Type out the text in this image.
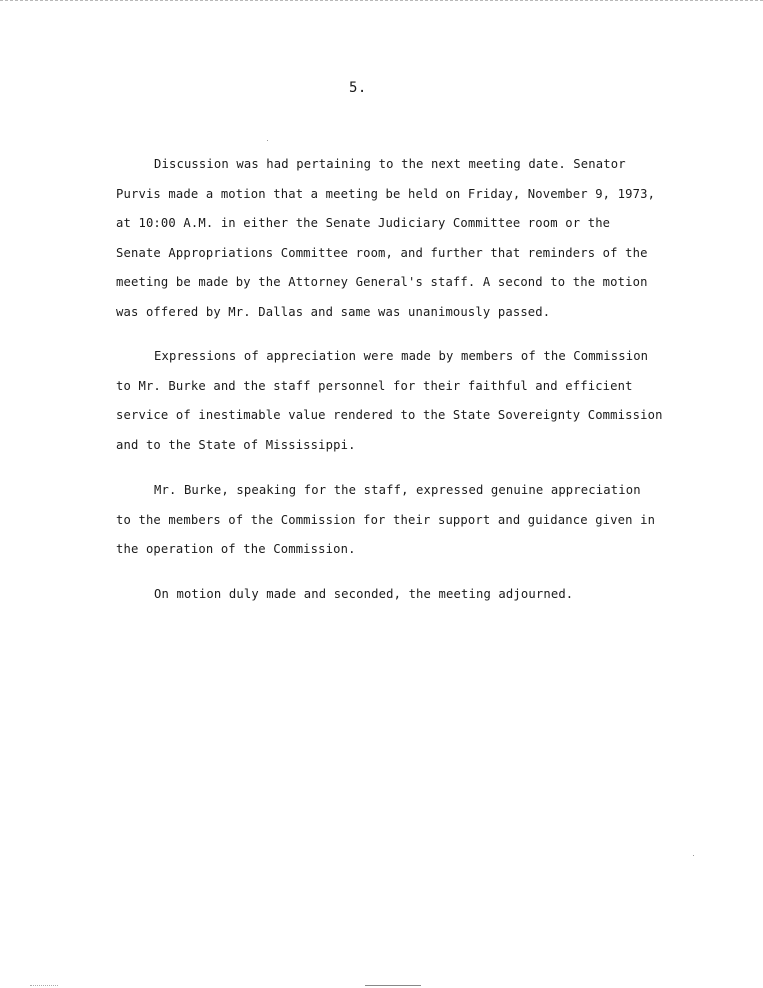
5.
Discussion was had pertaining to the next meeting date. Senator
Purvis made a motion that a meeting be held on Friday, November 9, 1973,
at 10:00 A.M. in either the Senate Judiciary Committee room or the
Senate Appropriations Committee room, and further that reminders of the
meeting be made by the Attorney General's staff. A second to the motion
was offered by Mr. Dallas and same was unanimously passed.
Expressions of appreciation were made by members of the Commission
to Mr. Burke and the staff personnel for their faithful and efficient
service of inestimable value rendered to the State Sovereignty Commission
and to the State of Mississippi.
Mr. Burke, speaking for the staff, expressed genuine appreciation
to the members of the Commission for their support and guidance given in
the operation of the Commission.
On motion duly made and seconded, the meeting adjourned.
